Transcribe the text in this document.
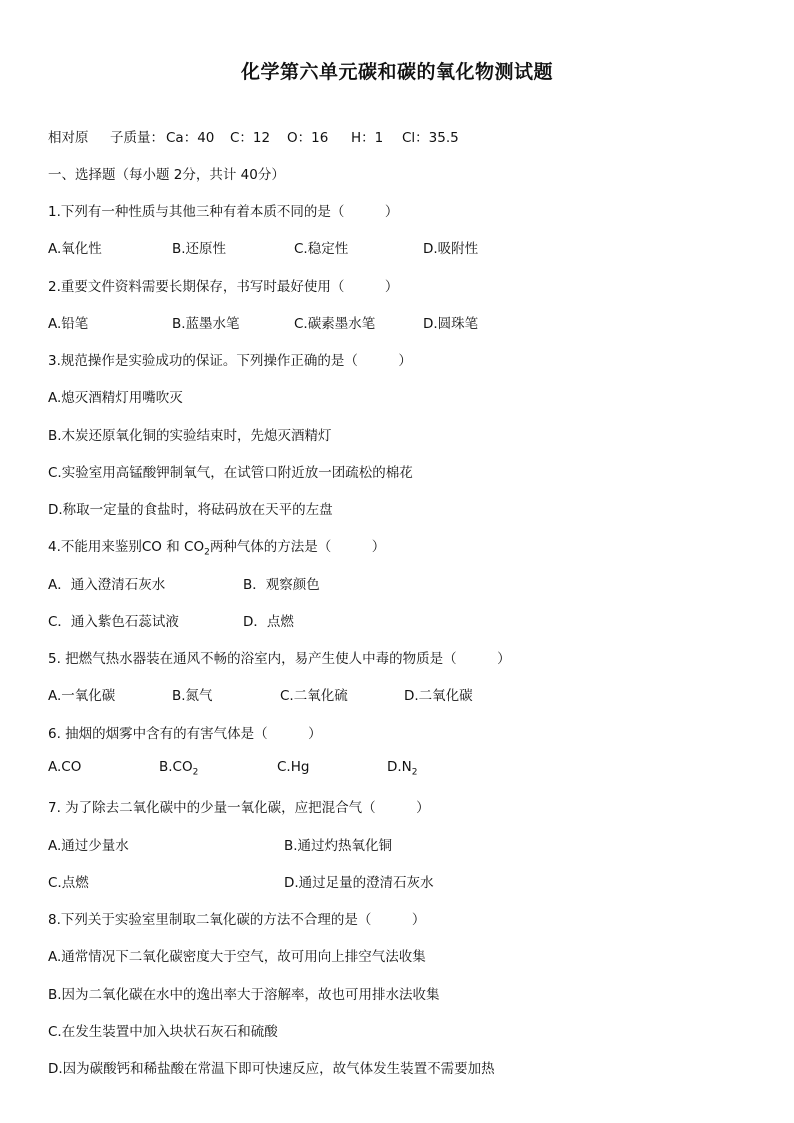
化学第六单元碳和碳的氧化物测试题
相对原 子质量： Ca：40 C：12 O：16 H：1 Cl：35.5
一、选择题（每小题 2分，共计 40分）
1.下列有一种性质与其他三种有着本质不同的是（　　　）
A.氧化性	B.还原性	C.稳定性	D.吸附性
2.重要文件资料需要长期保存，书写时最好使用（　　　）
A.铅笔	B.蓝墨水笔	C.碳素墨水笔	D.圆珠笔
3.规范操作是实验成功的保证。下列操作正确的是（　　　）
A.熄灭酒精灯用嘴吹灭
B.木炭还原氧化铜的实验结束时，先熄灭酒精灯
C.实验室用高锰酸钾制氧气，在试管口附近放一团疏松的棉花
D.称取一定量的食盐时，将砝码放在天平的左盘
4.不能用来鉴别CO 和 $CO_2$两种气体的方法是（　　　）
A．通入澄清石灰水	B．观察颜色
C．通入紫色石蕊试液	D．点燃
5. 把燃气热水器装在通风不畅的浴室内，易产生使人中毒的物质是（　　　）
A.一氧化碳	B.氮气	C.二氧化硫	D.二氧化碳
6. 抽烟的烟雾中含有的有害气体是（　　　）
A.CO	$B.CO_2$	C.Hg	$D.N_2$
7. 为了除去二氧化碳中的少量一氧化碳，应把混合气（　　　）
A.通过少量水	B.通过灼热氧化铜
C.点燃	D.通过足量的澄清石灰水
8.下列关于实验室里制取二氧化碳的方法不合理的是（　　　）
A.通常情况下二氧化碳密度大于空气，故可用向上排空气法收集
B.因为二氧化碳在水中的逸出率大于溶解率，故也可用排水法收集
C.在发生装置中加入块状石灰石和硫酸
D.因为碳酸钙和稀盐酸在常温下即可快速反应，故气体发生装置不需要加热
